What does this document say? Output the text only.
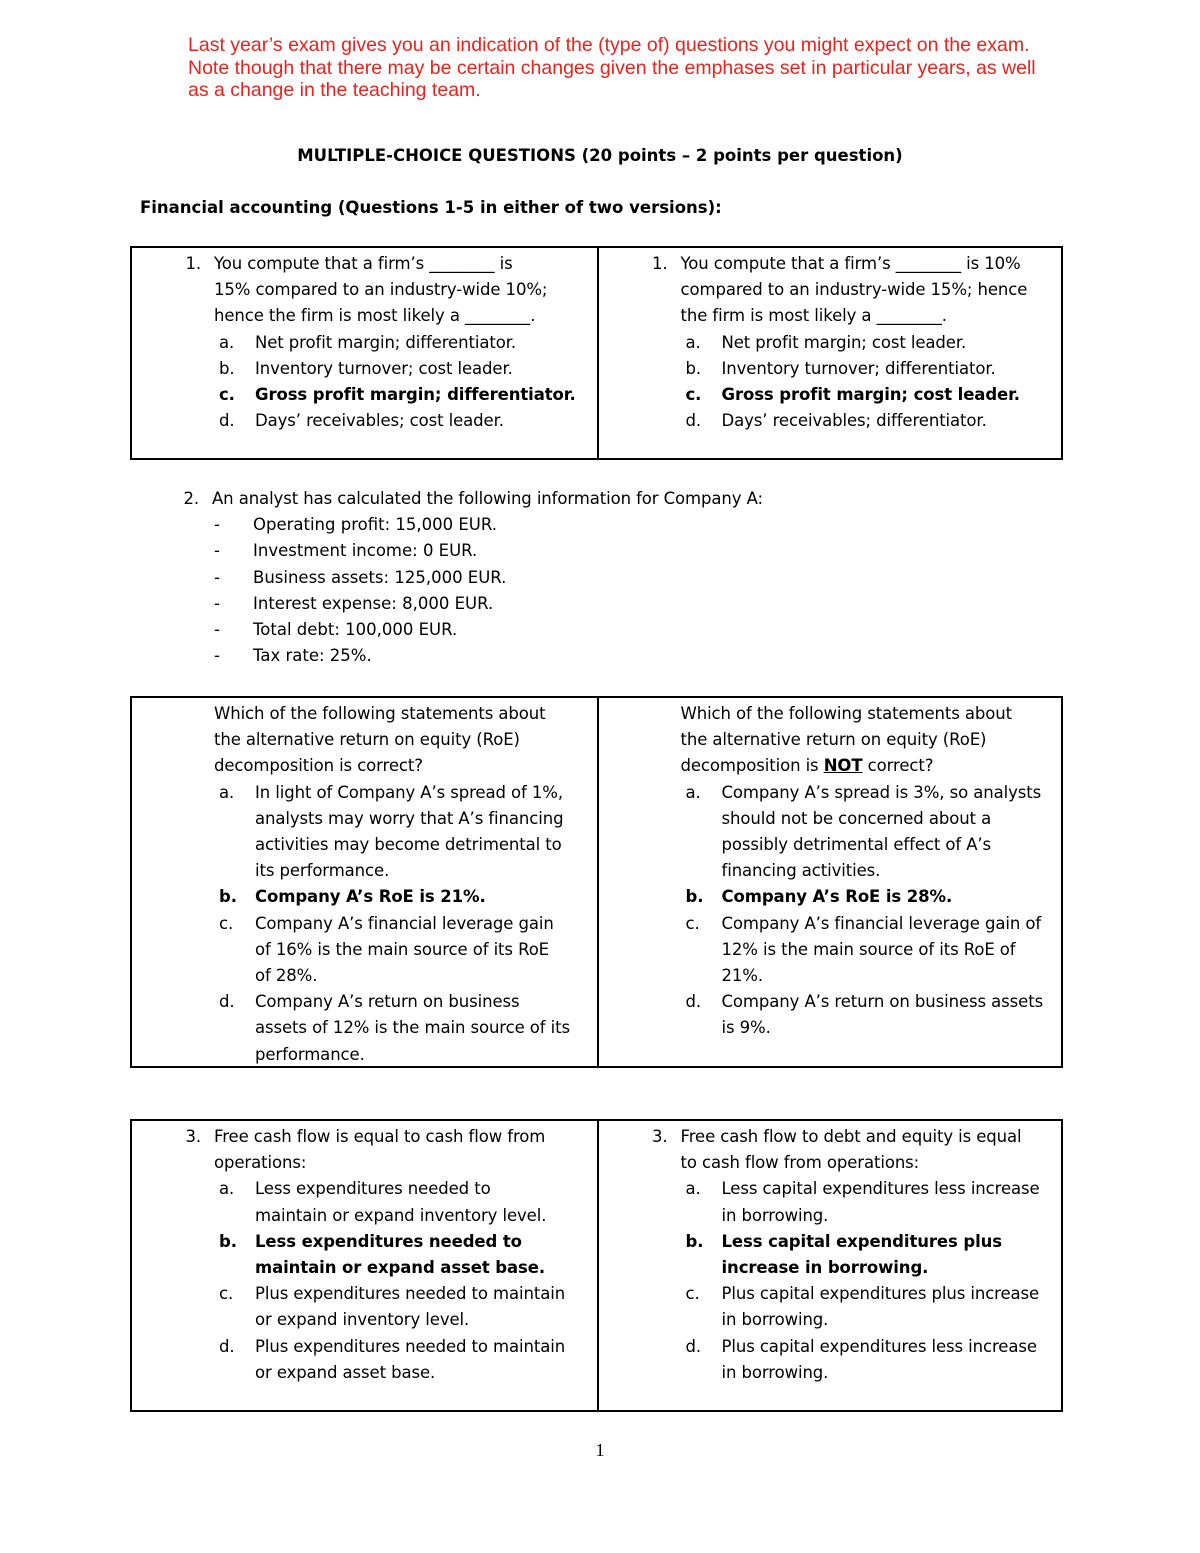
Last year’s exam gives you an indication of the (type of) questions you might expect on the exam.
Note though that there may be certain changes given the emphases set in particular years, as well
as a change in the teaching team.
MULTIPLE-CHOICE QUESTIONS (20 points – 2 points per question)
Financial accounting (Questions 1-5 in either of two versions):
1. You compute that a firm’s ________ is
15% compared to an industry-wide 10%;
hence the firm is most likely a ________.
a.	Net profit margin; differentiator.
b.	Inventory turnover; cost leader.
c.	Gross profit margin; differentiator.
d.	Days’ receivables; cost leader.
1. You compute that a firm’s ________ is 10%
compared to an industry-wide 15%; hence
the firm is most likely a ________.
a.	Net profit margin; cost leader.
b.	Inventory turnover; differentiator.
c.	Gross profit margin; cost leader.
d.	Days’ receivables; differentiator.
2. An analyst has calculated the following information for Company A:
-	Operating profit: 15,000 EUR.
-	Investment income: 0 EUR.
-	Business assets: 125,000 EUR.
-	Interest expense: 8,000 EUR.
-	Total debt: 100,000 EUR.
-	Tax rate: 25%.
Which of the following statements about
the alternative return on equity (RoE)
decomposition is correct?
a.	In light of Company A’s spread of 1%,
analysts may worry that A’s financing
activities may become detrimental to
its performance.
b.	Company A’s RoE is 21%.
c.	Company A’s financial leverage gain
of 16% is the main source of its RoE
of 28%.
d.	Company A’s return on business
assets of 12% is the main source of its
performance.
Which of the following statements about
the alternative return on equity (RoE)
decomposition is NOT correct?
a.	Company A’s spread is 3%, so analysts
should not be concerned about a
possibly detrimental effect of A’s
financing activities.
b.	Company A’s RoE is 28%.
c.	Company A’s financial leverage gain of
12% is the main source of its RoE of
21%.
d.	Company A’s return on business assets
is 9%.
3. Free cash flow is equal to cash flow from
operations:
a.	Less expenditures needed to
maintain or expand inventory level.
b.	Less expenditures needed to
maintain or expand asset base.
c.	Plus expenditures needed to maintain
or expand inventory level.
d.	Plus expenditures needed to maintain
or expand asset base.
3. Free cash flow to debt and equity is equal
to cash flow from operations:
a.	Less capital expenditures less increase
in borrowing.
b.	Less capital expenditures plus
increase in borrowing.
c.	Plus capital expenditures plus increase
in borrowing.
d.	Plus capital expenditures less increase
in borrowing.
1
